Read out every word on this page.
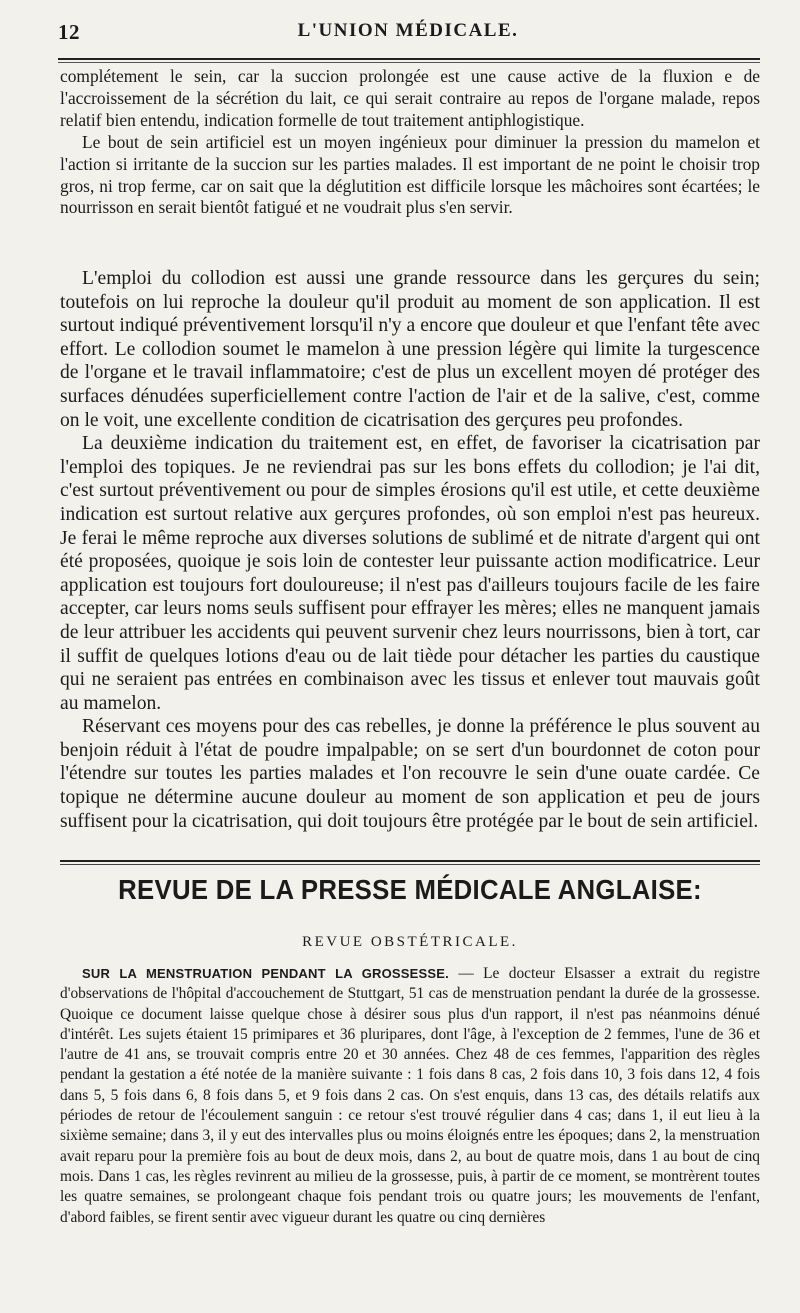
12	L'UNION MÉDICALE.

complétement le sein, car la succion prolongée est une cause active de la fluxion e de l'accroissement de la sécrétion du lait, ce qui serait contraire au repos de l'organe malade, repos relatif bien entendu, indication formelle de tout traitement antiphlogistique.

Le bout de sein artificiel est un moyen ingénieux pour diminuer la pression du mamelon et l'action si irritante de la succion sur les parties malades. Il est important de ne point le choisir trop gros, ni trop ferme, car on sait que la déglutition est difficile lorsque les mâchoires sont écartées; le nourrisson en serait bientôt fatigué et ne voudrait plus s'en servir.

L'emploi du collodion est aussi une grande ressource dans les gerçures du sein; toutefois on lui reproche la douleur qu'il produit au moment de son application. Il est surtout indiqué préventivement lorsqu'il n'y a encore que douleur et que l'enfant tête avec effort. Le collodion soumet le mamelon à une pression légère qui limite la turgescence de l'organe et le travail inflammatoire; c'est de plus un excellent moyen dé protéger des surfaces dénudées superficiellement contre l'action de l'air et de la salive, c'est, comme on le voit, une excellente condition de cicatrisation des gerçures peu profondes.

La deuxième indication du traitement est, en effet, de favoriser la cicatrisation par l'emploi des topiques. Je ne reviendrai pas sur les bons effets du collodion; je l'ai dit, c'est surtout préventivement ou pour de simples érosions qu'il est utile, et cette deuxième indication est surtout relative aux gerçures profondes, où son emploi n'est pas heureux. Je ferai le même reproche aux diverses solutions de sublimé et de nitrate d'argent qui ont été proposées, quoique je sois loin de contester leur puissante action modificatrice. Leur application est toujours fort douloureuse; il n'est pas d'ailleurs toujours facile de les faire accepter, car leurs noms seuls suffisent pour effrayer les mères; elles ne manquent jamais de leur attribuer les accidents qui peuvent survenir chez leurs nourrissons, bien à tort, car il suffit de quelques lotions d'eau ou de lait tiède pour détacher les parties du caustique qui ne seraient pas entrées en combinaison avec les tissus et enlever tout mauvais goût au mamelon.

Réservant ces moyens pour des cas rebelles, je donne la préférence le plus souvent au benjoin réduit à l'état de poudre impalpable; on se sert d'un bourdonnet de coton pour l'étendre sur toutes les parties malades et l'on recouvre le sein d'une ouate cardée. Ce topique ne détermine aucune douleur au moment de son application et peu de jours suffisent pour la cicatrisation, qui doit toujours être protégée par le bout de sein artificiel.

REVUE DE LA PRESSE MÉDICALE ANGLAISE:
REVUE OBSTÉTRICALE.

SUR LA MENSTRUATION PENDANT LA GROSSESSE. — Le docteur Elsasser a extrait du registre d'observations de l'hôpital d'accouchement de Stuttgart, 51 cas de menstruation pendant la durée de la grossesse. Quoique ce document laisse quelque chose à désirer sous plus d'un rapport, il n'est pas néanmoins dénué d'intérêt. Les sujets étaient 15 primipares et 36 pluripares, dont l'âge, à l'exception de 2 femmes, l'une de 36 et l'autre de 41 ans, se trouvait compris entre 20 et 30 années. Chez 48 de ces femmes, l'apparition des règles pendant la gestation a été notée de la manière suivante : 1 fois dans 8 cas, 2 fois dans 10, 3 fois dans 12, 4 fois dans 5, 5 fois dans 6, 8 fois dans 5, et 9 fois dans 2 cas. On s'est enquis, dans 13 cas, des détails relatifs aux périodes de retour de l'écoulement sanguin : ce retour s'est trouvé régulier dans 4 cas; dans 1, il eut lieu à la sixième semaine; dans 3, il y eut des intervalles plus ou moins éloignés entre les époques; dans 2, la menstruation avait reparu pour la première fois au bout de deux mois, dans 2, au bout de quatre mois, dans 1 au bout de cinq mois. Dans 1 cas, les règles revinrent au milieu de la grossesse, puis, à partir de ce moment, se montrèrent toutes les quatre semaines, se prolongeant chaque fois pendant trois ou quatre jours; les mouvements de l'enfant, d'abord faibles, se firent sentir avec vigueur durant les quatre ou cinq dernières
